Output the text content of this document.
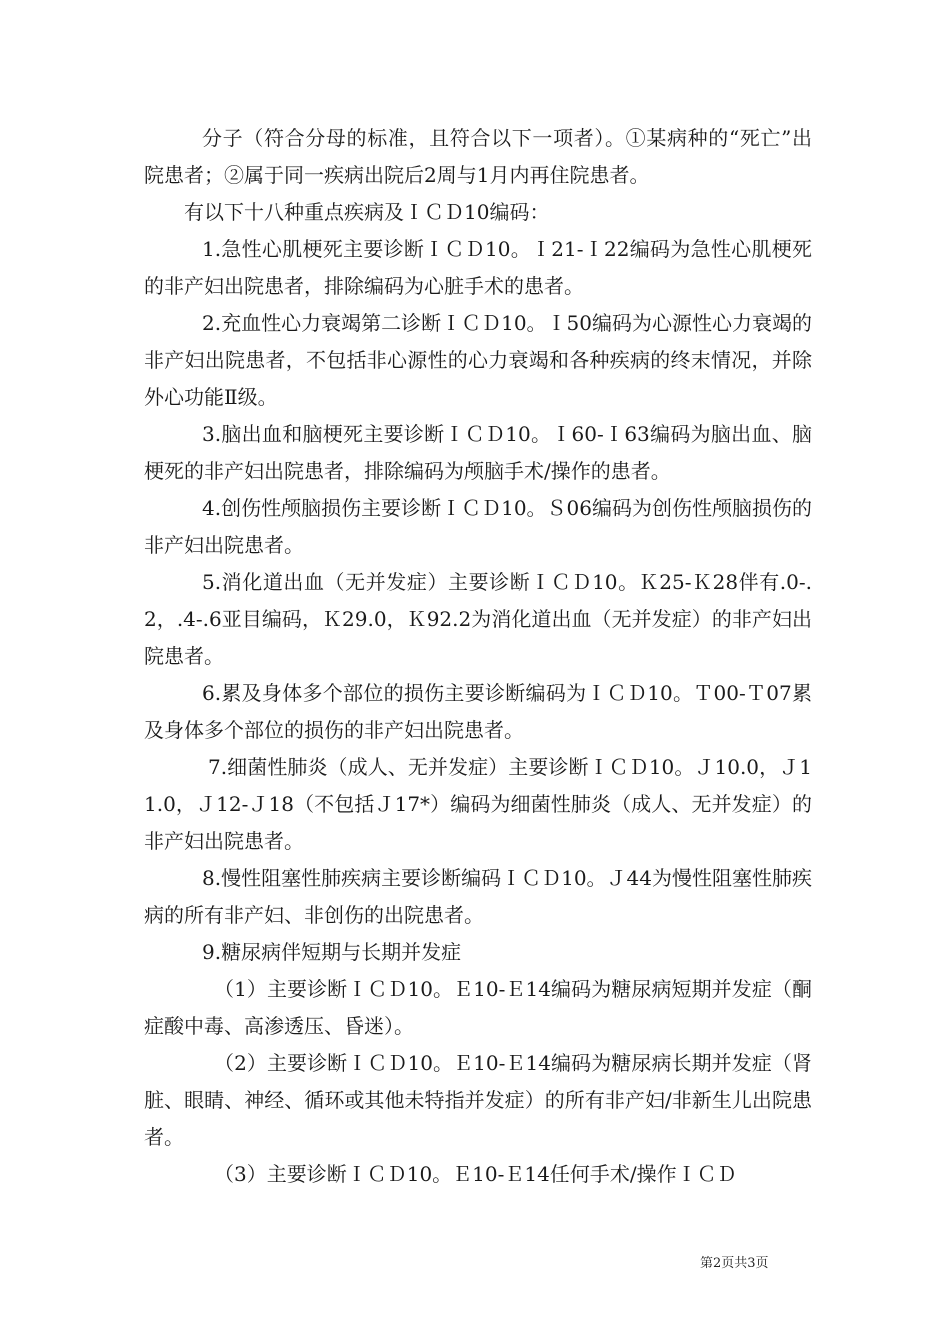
分子（符合分母的标准，且符合以下一项者）。①某病种的“死亡”出院患者；②属于同一疾病出院后2周与1月内再住院患者。

有以下十八种重点疾病及ＩＣＤ10编码：

1.急性心肌梗死主要诊断ＩＣＤ10。Ｉ21-Ｉ22编码为急性心肌梗死的非产妇出院患者，排除编码为心脏手术的患者。

2.充血性心力衰竭第二诊断ＩＣＤ10。Ｉ50编码为心源性心力衰竭的非产妇出院患者，不包括非心源性的心力衰竭和各种疾病的终末情况，并除外心功能Ⅱ级。

3.脑出血和脑梗死主要诊断ＩＣＤ10。Ｉ60-Ｉ63编码为脑出血、脑梗死的非产妇出院患者，排除编码为颅脑手术/操作的患者。

4.创伤性颅脑损伤主要诊断ＩＣＤ10。Ｓ06编码为创伤性颅脑损伤的非产妇出院患者。

5.消化道出血（无并发症）主要诊断ＩＣＤ10。Ｋ25-Ｋ28伴有.0-.2，.4-.6亚目编码，Ｋ29.0，Ｋ92.2为消化道出血（无并发症）的非产妇出院患者。

6.累及身体多个部位的损伤主要诊断编码为ＩＣＤ10。Ｔ00-Ｔ07累及身体多个部位的损伤的非产妇出院患者。

7.细菌性肺炎（成人、无并发症）主要诊断ＩＣＤ10。Ｊ10.0，Ｊ11.0，Ｊ12-Ｊ18（不包括Ｊ17*）编码为细菌性肺炎（成人、无并发症）的非产妇出院患者。

8.慢性阻塞性肺疾病主要诊断编码ＩＣＤ10。Ｊ44为慢性阻塞性肺疾病的所有非产妇、非创伤的出院患者。

9.糖尿病伴短期与长期并发症

（1）主要诊断ＩＣＤ10。Ｅ10-Ｅ14编码为糖尿病短期并发症（酮症酸中毒、高渗透压、昏迷）。

（2）主要诊断ＩＣＤ10。Ｅ10-Ｅ14编码为糖尿病长期并发症（肾脏、眼睛、神经、循环或其他未特指并发症）的所有非产妇/非新生儿出院患者。

（3）主要诊断ＩＣＤ10。Ｅ10-Ｅ14任何手术/操作ＩＣＤ

第2页共3页
